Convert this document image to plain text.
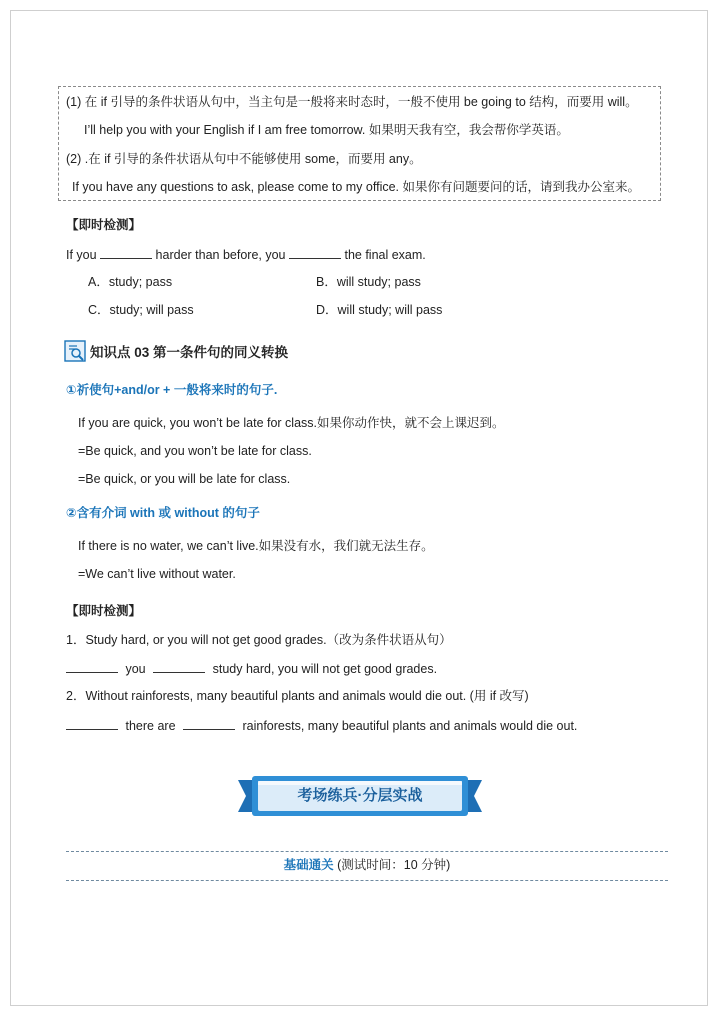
(1) 在 if 引导的条件状语从句中，当主句是一般将来时态时，一般不使用 be going to 结构，而要用 will。
I’ll help you with your English if I am free tomorrow. 如果明天我有空，我会帮你学英语。
(2) .在 if 引导的条件状语从句中不能够使用 some，而要用 any。
If you have any questions to ask, please come to my office. 如果你有问题要问的话，请到我办公室来。
【即时检测】
If you	harder than before, you	the final exam.
A．study; pass	B．will study; pass
C．study; will pass	D．will study; will pass
知识点 03 第一条件句的同义转换
①祈使句+and/or + 一般将来时的句子.
If you are quick, you won’t be late for class.如果你动作快，就不会上课迟到。
=Be quick, and you won’t be late for class.
=Be quick, or you will be late for class.
②含有介词 with 或 without 的句子
If there is no water, we can’t live.如果没有水，我们就无法生存。
=We can’t live without water.
【即时检测】
1．Study hard, or you will not get good grades.（改为条件状语从句）
you	study hard, you will not get good grades.
2．Without rainforests, many beautiful plants and animals would die out. (用 if 改写)
there are	rainforests, many beautiful plants and animals would die out.
考场练兵·分层实战
基础通关 (测试时间：10 分钟)
